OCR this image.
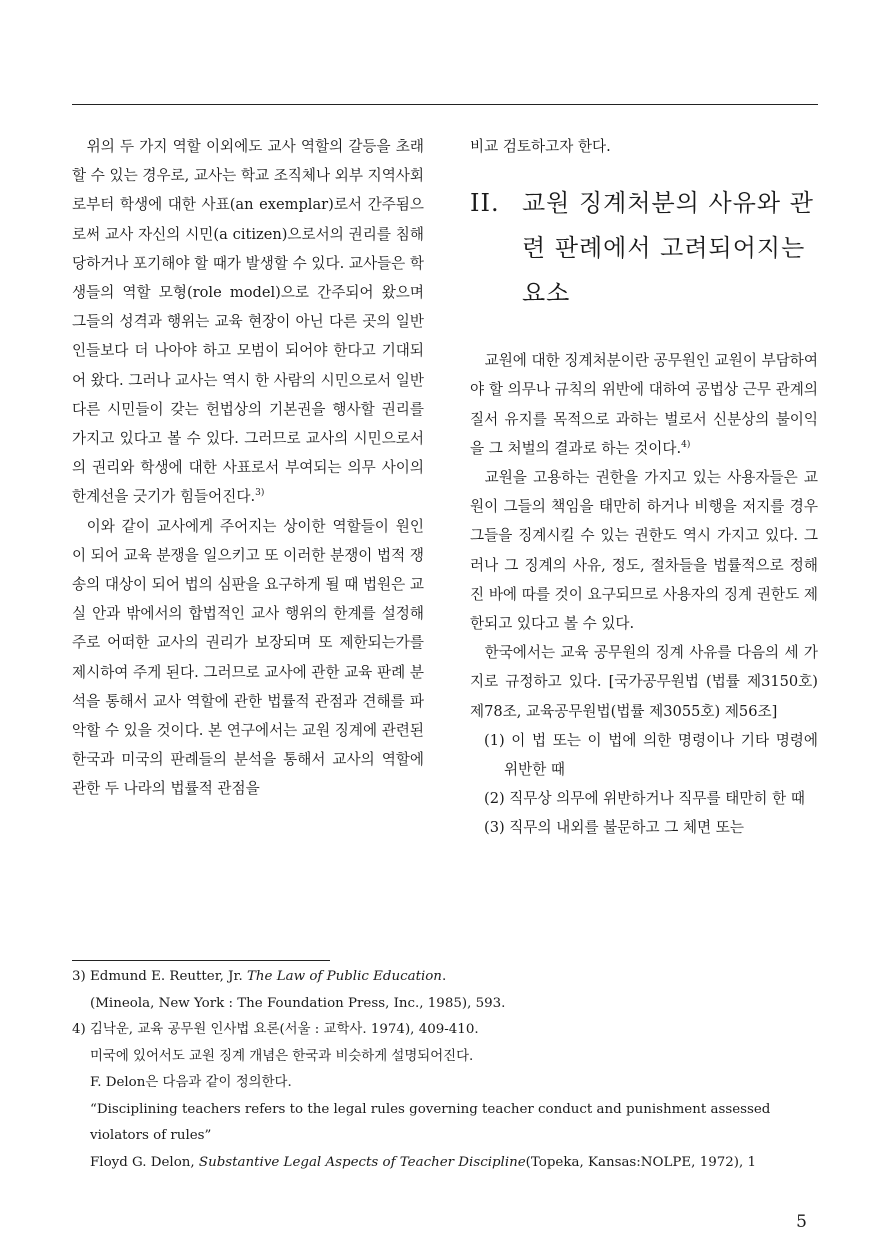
위의 두 가지 역할 이외에도 교사 역할의 갈등을 초래할 수 있는 경우로, 교사는 학교 조직체나 외부 지역사회로부터 학생에 대한 사표(an exemplar)로서 간주됨으로써 교사 자신의 시민(a citizen)으로서의 권리를 침해 당하거나 포기해야 할 때가 발생할 수 있다. 교사들은 학생들의 역할 모형(role model)으로 간주되어 왔으며 그들의 성격과 행위는 교육 현장이 아닌 다른 곳의 일반인들보다 더 나아야 하고 모범이 되어야 한다고 기대되어 왔다. 그러나 교사는 역시 한 사람의 시민으로서 일반 다른 시민들이 갖는 헌법상의 기본권을 행사할 권리를 가지고 있다고 볼 수 있다. 그러므로 교사의 시민으로서의 권리와 학생에 대한 사표로서 부여되는 의무 사이의 한계선을 긋기가 힘들어진다.$^{3)}$

이와 같이 교사에게 주어지는 상이한 역할들이 원인이 되어 교육 분쟁을 일으키고 또 이러한 분쟁이 법적 쟁송의 대상이 되어 법의 심판을 요구하게 될 때 법원은 교실 안과 밖에서의 합법적인 교사 행위의 한계를 설정해 주로 어떠한 교사의 권리가 보장되며 또 제한되는가를 제시하여 주게 된다. 그러므로 교사에 관한 교육 판례 분석을 통해서 교사 역할에 관한 법률적 관점과 견해를 파악할 수 있을 것이다. 본 연구에서는 교원 징계에 관련된 한국과 미국의 판례들의 분석을 통해서 교사의 역할에 관한 두 나라의 법률적 관점을

비교 검토하고자 한다.

II. 교원 징계처분의 사유와 관련 판례에서 고려되어지는 요소

교원에 대한 징계처분이란 공무원인 교원이 부담하여야 할 의무나 규칙의 위반에 대하여 공법상 근무 관계의 질서 유지를 목적으로 과하는 벌로서 신분상의 불이익을 그 처벌의 결과로 하는 것이다.$^{4)}$

교원을 고용하는 권한을 가지고 있는 사용자들은 교원이 그들의 책임을 태만히 하거나 비행을 저지를 경우 그들을 징계시킬 수 있는 권한도 역시 가지고 있다. 그러나 그 징계의 사유, 정도, 절차들을 법률적으로 정해진 바에 따를 것이 요구되므로 사용자의 징계 권한도 제한되고 있다고 볼 수 있다.

한국에서는 교육 공무원의 징계 사유를 다음의 세 가지로 규정하고 있다. [국가공무원법 (법률 제3150호) 제78조, 교육공무원법(법률 제3055호) 제56조]

(1) 이 법 또는 이 법에 의한 명령이나 기타 명령에 위반한 때

(2) 직무상 의무에 위반하거나 직무를 태만히 한 때

(3) 직무의 내외를 불문하고 그 체면 또는

3) Edmund E. Reutter, Jr. The Law of Public Education.

(Mineola, New York : The Foundation Press, Inc., 1985), 593.

4) 김낙운, 교육 공무원 인사법 요론(서울 : 교학사. 1974), 409-410.

미국에 있어서도 교원 징계 개념은 한국과 비슷하게 설명되어진다.

F. Delon은 다음과 같이 정의한다.

“Disciplining teachers refers to the legal rules governing teacher conduct and punishment assessed violators of rules”

Floyd G. Delon, Substantive Legal Aspects of Teacher Discipline(Topeka, Kansas:NOLPE, 1972), 1

5
